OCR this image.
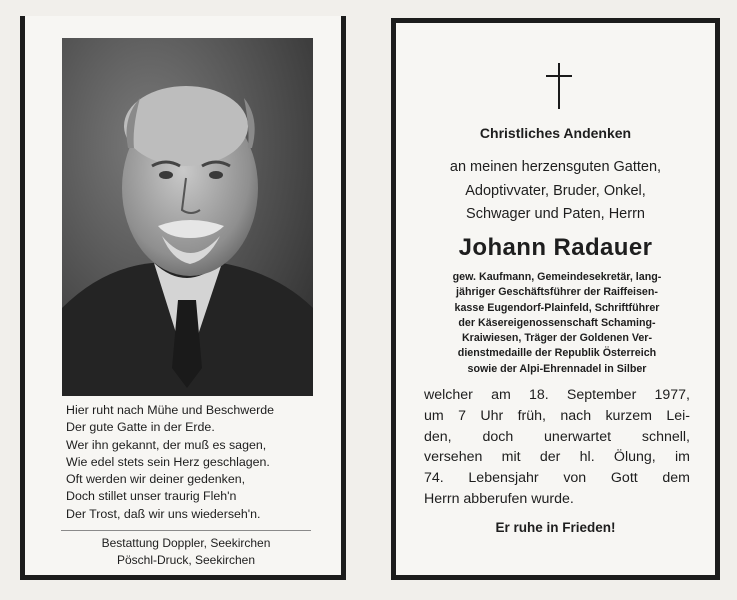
Hier ruht nach Mühe und Beschwerde
Der gute Gatte in der Erde.
Wer ihn gekannt, der muß es sagen,
Wie edel stets sein Herz geschlagen.
Oft werden wir deiner gedenken,
Doch stillet unser traurig Fleh'n
Der Trost, daß wir uns wiederseh'n.
Bestattung Doppler, Seekirchen
Pöschl-Druck, Seekirchen
Christliches Andenken
an meinen herzensguten Gatten,
Adoptivvater, Bruder, Onkel,
Schwager und Paten, Herrn
Johann Radauer
gew. Kaufmann, Gemeindesekretär, lang-
jähriger Geschäftsführer der Raiffeisen-
kasse Eugendorf-Plainfeld, Schriftführer
der Käsereigenossenschaft Schaming-
Kraiwiesen, Träger der Goldenen Ver-
dienstmedaille der Republik Österreich
sowie der Alpi-Ehrennadel in Silber
welcher am 18. September 1977,
um 7 Uhr früh, nach kurzem Lei-
den, doch unerwartet schnell,
versehen mit der hl. Ölung, im
74. Lebensjahr von Gott dem
Herrn abberufen wurde.
Er ruhe in Frieden!
